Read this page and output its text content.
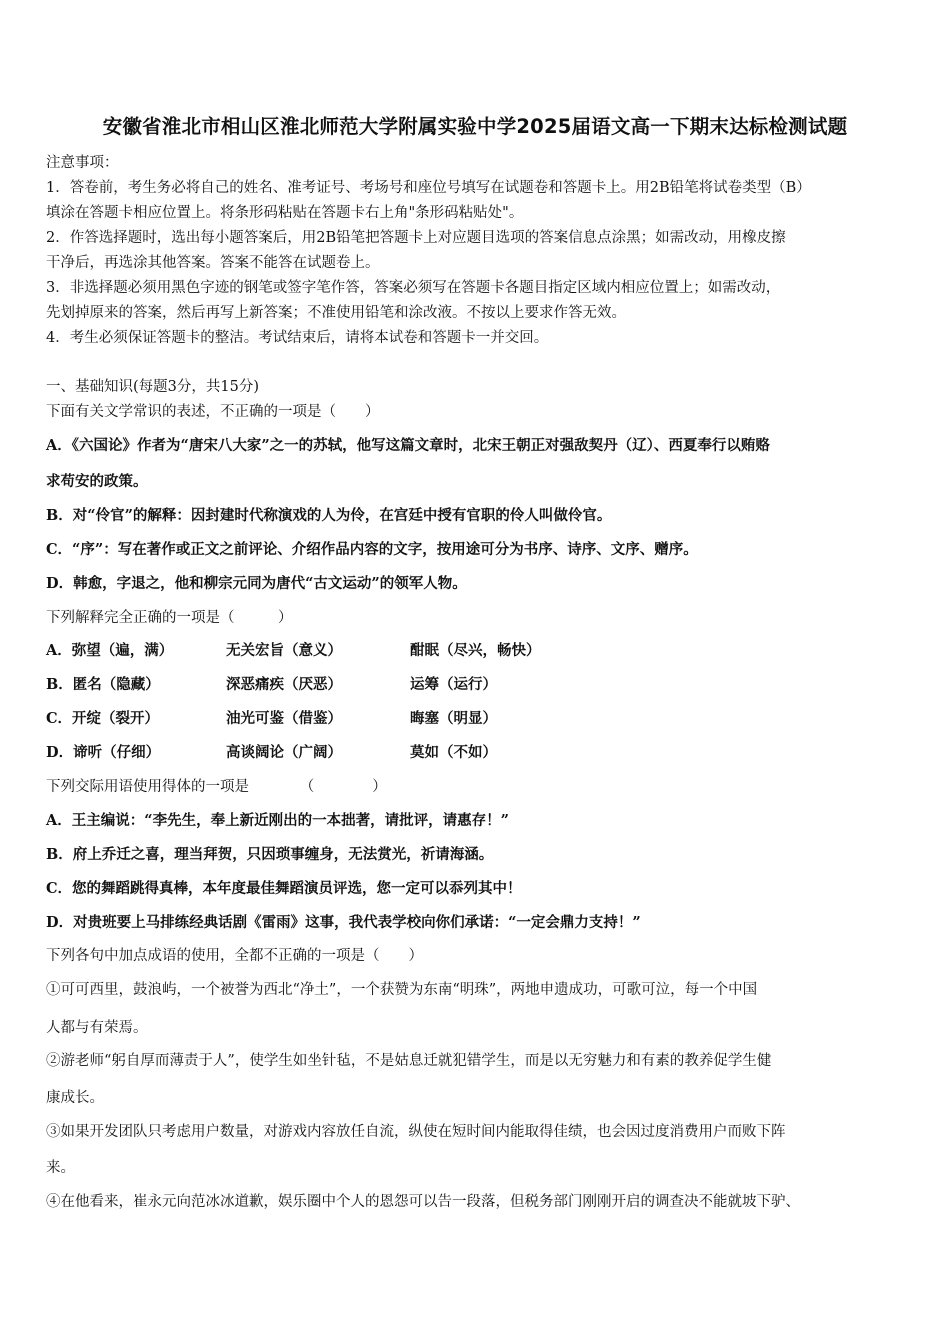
安徽省淮北市相山区淮北师范大学附属实验中学2025届语文高一下期末达标检测试题
注意事项：
1．答卷前，考生务必将自己的姓名、准考证号、考场号和座位号填写在试题卷和答题卡上。用2B铅笔将试卷类型（B）
填涂在答题卡相应位置上。将条形码粘贴在答题卡右上角"条形码粘贴处"。
2．作答选择题时，选出每小题答案后，用2B铅笔把答题卡上对应题目选项的答案信息点涂黑；如需改动，用橡皮擦
干净后，再选涂其他答案。答案不能答在试题卷上。
3．非选择题必须用黑色字迹的钢笔或签字笔作答，答案必须写在答题卡各题目指定区域内相应位置上；如需改动，
先划掉原来的答案，然后再写上新答案；不准使用铅笔和涂改液。不按以上要求作答无效。
4．考生必须保证答题卡的整洁。考试结束后，请将本试卷和答题卡一并交回。
一、基础知识(每题3分，共15分)
下面有关文学常识的表述，不正确的一项是（　　）
A．《六国论》作者为“唐宋八大家”之一的苏轼，他写这篇文章时，北宋王朝正对强敌契丹（辽）、西夏奉行以贿赂
求苟安的政策。
B．对“伶官”的解释：因封建时代称演戏的人为伶，在宫廷中授有官职的伶人叫做伶官。
C．“序”：写在著作或正文之前评论、介绍作品内容的文字，按用途可分为书序、诗序、文序、赠序。
D．韩愈，字退之，他和柳宗元同为唐代“古文运动”的领军人物。
下列解释完全正确的一项是（　　　）
A．弥望（遍，满）	无关宏旨（意义）	酣眠（尽兴，畅快）
B．匿名（隐藏）	深恶痛疾（厌恶）	运筹（运行）
C．开绽（裂开）	油光可鉴（借鉴）	晦塞（明显）
D．谛听（仔细）	高谈阔论（广阔）	莫如（不如）
下列交际用语使用得体的一项是　　　　（　　　　）
A．王主编说：“李先生，奉上新近刚出的一本拙著，请批评，请惠存！”
B．府上乔迁之喜，理当拜贺，只因琐事缠身，无法赏光，祈请海涵。
C．您的舞蹈跳得真棒，本年度最佳舞蹈演员评选，您一定可以忝列其中！
D．对贵班要上马排练经典话剧《雷雨》这事，我代表学校向你们承诺：“一定会鼎力支持！”
下列各句中加点成语的使用，全都不正确的一项是（　　）
①可可西里，鼓浪屿，一个被誉为西北“净土”，一个获赞为东南“明珠”，两地申遗成功，可歌可泣，每一个中国
人都与有荣焉。
②游老师“躬自厚而薄责于人”，使学生如坐针毡，不是姑息迁就犯错学生，而是以无穷魅力和有素的教养促学生健
康成长。
③如果开发团队只考虑用户数量，对游戏内容放任自流，纵使在短时间内能取得佳绩，也会因过度消费用户而败下阵
来。
④在他看来，崔永元向范冰冰道歉，娱乐圈中个人的恩怨可以告一段落，但税务部门刚刚开启的调查决不能就坡下驴、
